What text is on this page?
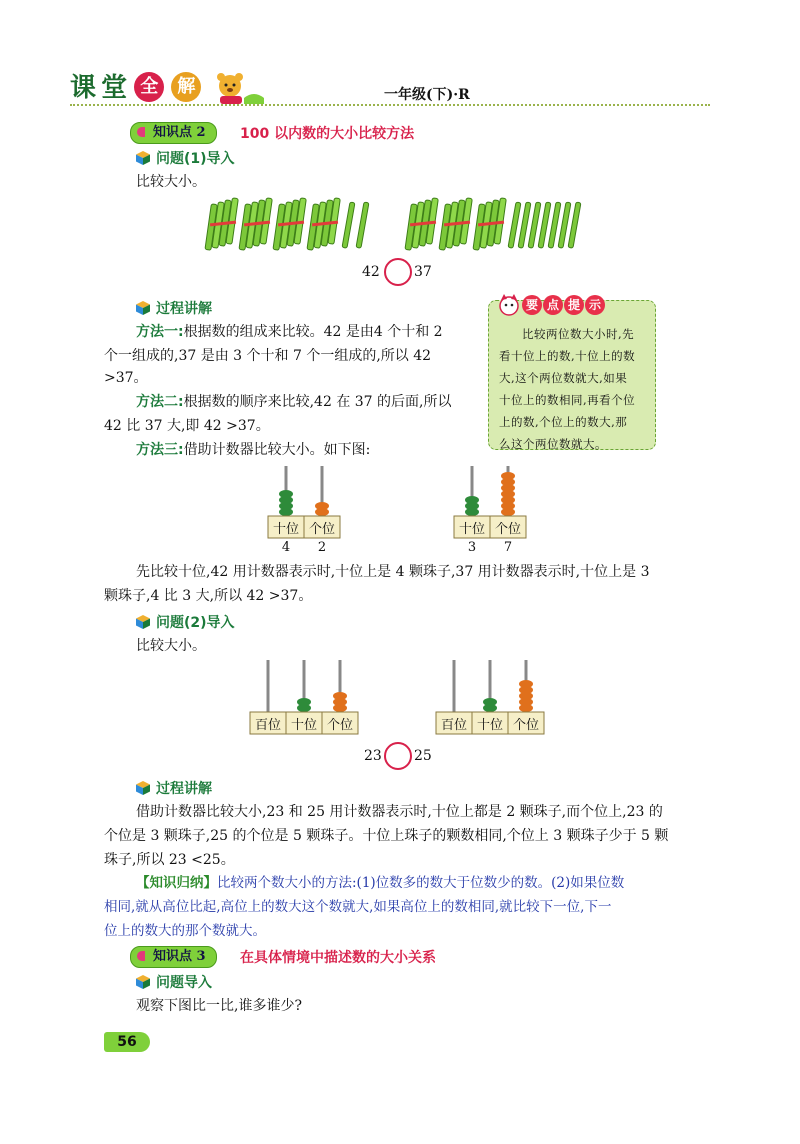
课 堂 全 解	一年级(下)·R
知识点 2	100 以内数的大小比较方法
问题(1)导入
比较大小。
42 37
过程讲解
方法一:根据数的组成来比较。42 是由4 个十和 2
个一组成的,37 是由 3 个十和 7 个一组成的,所以 42
>37。
方法二:根据数的顺序来比较,42 在 37 的后面,所以
42 比 37 大,即 42 >37。
方法三:借助计数器比较大小。如下图:
比较两位数大小时,先
看十位上的数,十位上的数
大,这个两位数就大,如果
十位上的数相同,再看个位
上的数,个位上的数大,那
么这个两位数就大。
要 点 提 示
十位 个位
4	2
十位 个位
3	7
先比较十位,42 用计数器表示时,十位上是 4 颗珠子,37 用计数器表示时,十位上是 3
颗珠子,4 比 3 大,所以 42 >37。
问题(2)导入
比较大小。
百位 十位 个位	百位 十位 个位
23 25
过程讲解
借助计数器比较大小,23 和 25 用计数器表示时,十位上都是 2 颗珠子,而个位上,23 的
个位是 3 颗珠子,25 的个位是 5 颗珠子。十位上珠子的颗数相同,个位上 3 颗珠子少于 5 颗
珠子,所以 23 <25。
【知识归纳】比较两个数大小的方法:(1)位数多的数大于位数少的数。(2)如果位数
相同,就从高位比起,高位上的数大这个数就大,如果高位上的数相同,就比较下一位,下一
位上的数大的那个数就大。
知识点 3	在具体情境中描述数的大小关系
问题导入
观察下图比一比,谁多谁少?
56
